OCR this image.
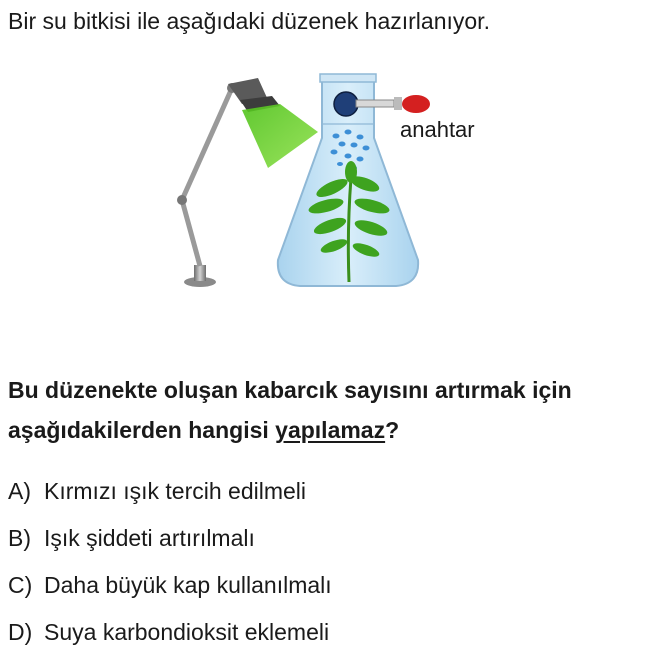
Bir su bitkisi ile aşağıdaki düzenek hazırlanıyor.
anahtar
Bu düzenekte oluşan kabarcık sayısını artırmak için
aşağıdakilerden hangisi yapılamaz?
A) Kırmızı ışık tercih edilmeli
B) Işık şiddeti artırılmalı
C) Daha büyük kap kullanılmalı
D) Suya karbondioksit eklemeli
